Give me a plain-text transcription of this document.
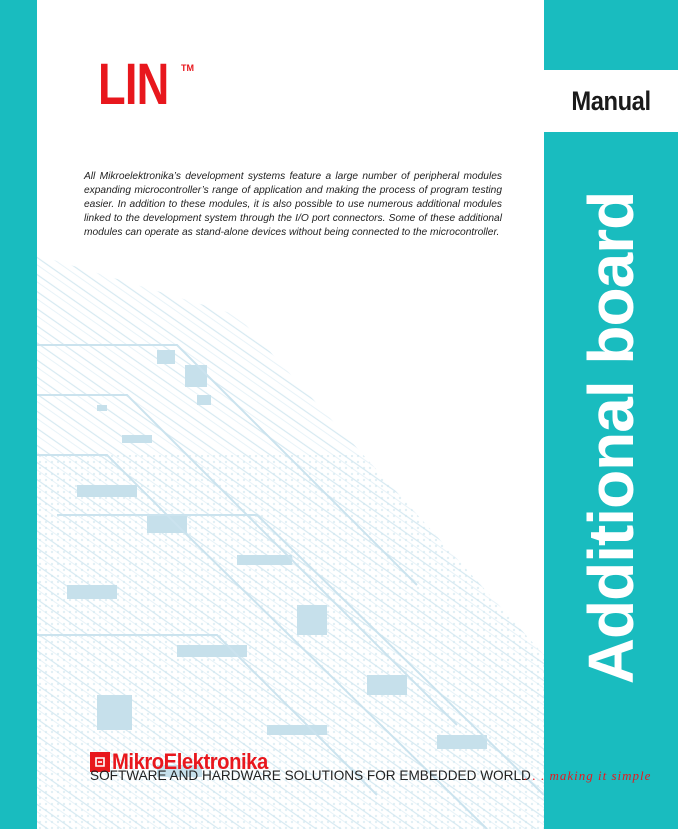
Manual
Additional board
LIN TM
All Mikroelektronika’s development systems feature a large number of peripheral modules expanding microcontroller’s range of application and making the process of program testing easier. In addition to these modules, it is also possible to use numerous additional modules linked to the development system through the I/O port connectors. Some of these additional modules can operate as stand-alone devices without being connected to the microcontroller.
MikroElektronika
SOFTWARE AND HARDWARE SOLUTIONS FOR EMBEDDED WORLD
. . . making it simple
